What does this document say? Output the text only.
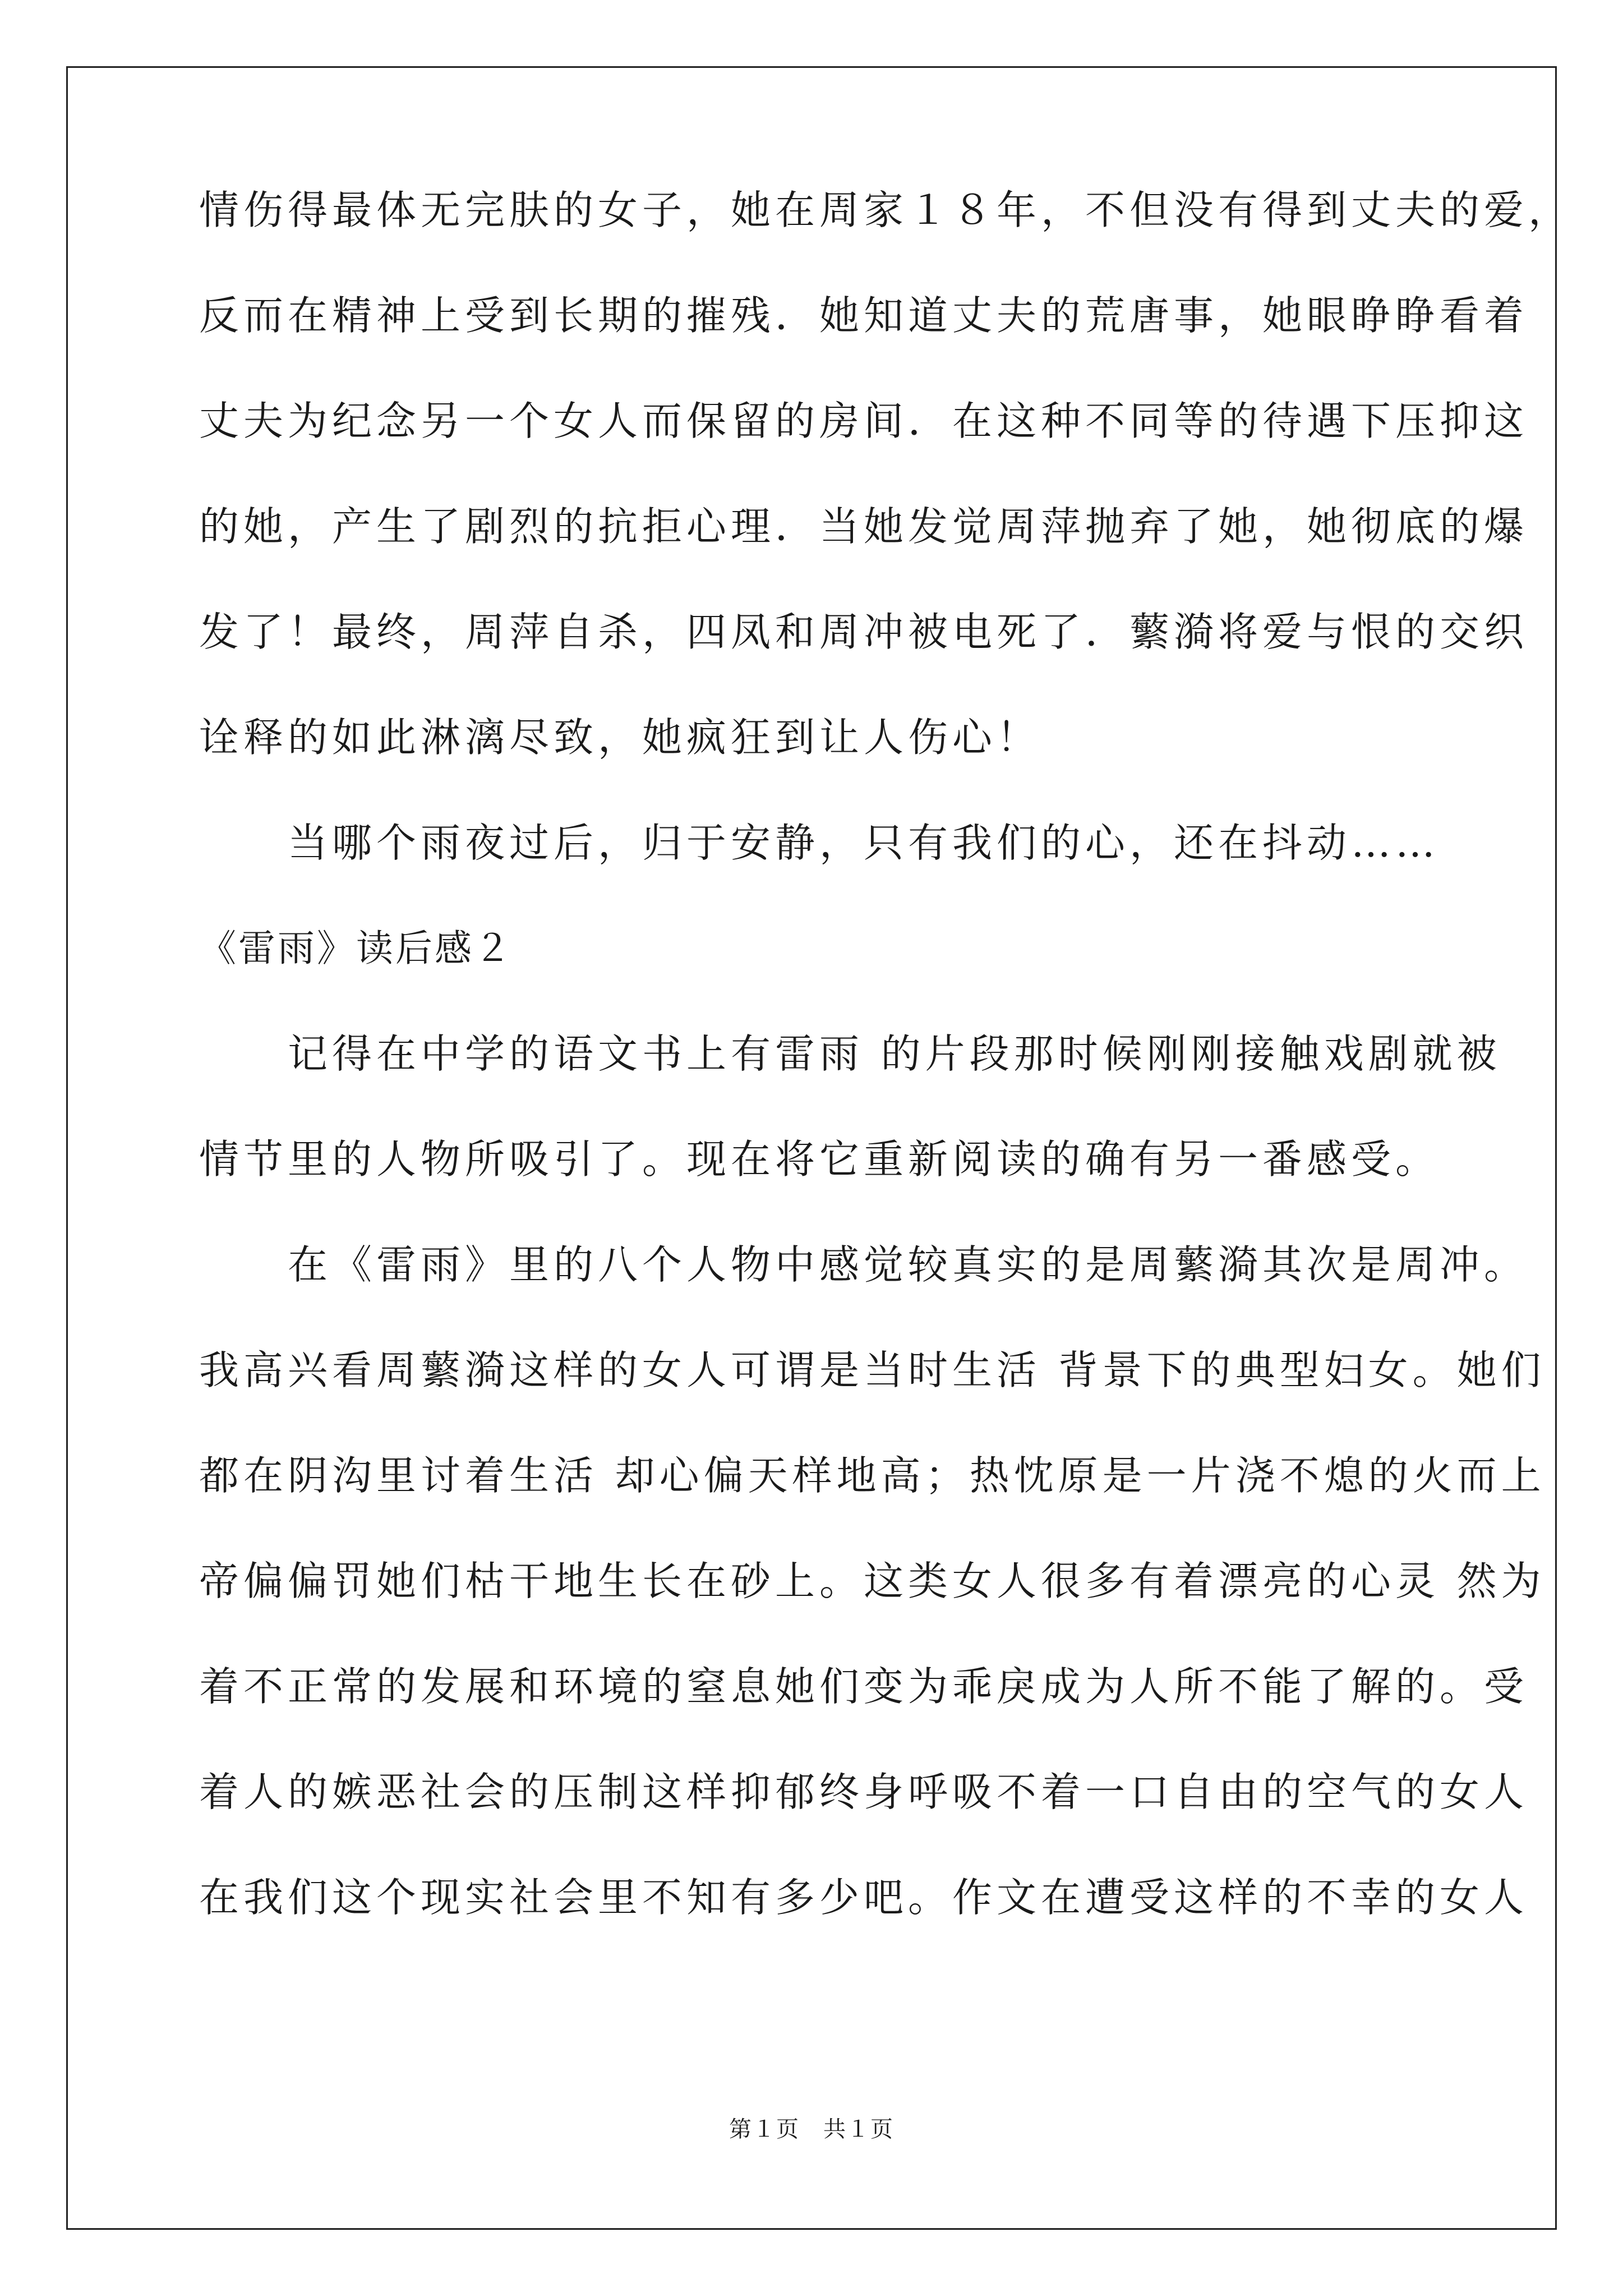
情伤得最体无完肤的女子，她在周家１８年，不但没有得到丈夫的爱，
反而在精神上受到长期的摧残．她知道丈夫的荒唐事，她眼睁睁看着
丈夫为纪念另一个女人而保留的房间．在这种不同等的待遇下压抑这
的她，产生了剧烈的抗拒心理．当她发觉周萍抛弃了她，她彻底的爆
发了！最终，周萍自杀，四凤和周冲被电死了．蘩漪将爱与恨的交织
诠释的如此淋漓尽致，她疯狂到让人伤心！
　　当哪个雨夜过后，归于安静，只有我们的心，还在抖动……
《雷雨》读后感２
　　记得在中学的语文书上有雷雨 的片段那时候刚刚接触戏剧就被
情节里的人物所吸引了。现在将它重新阅读的确有另一番感受。
　　在《雷雨》里的八个人物中感觉较真实的是周蘩漪其次是周冲。
我高兴看周蘩漪这样的女人可谓是当时生活 背景下的典型妇女。她们
都在阴沟里讨着生活 却心偏天样地高；热忱原是一片浇不熄的火而上
帝偏偏罚她们枯干地生长在砂上。这类女人很多有着漂亮的心灵 然为
着不正常的发展和环境的窒息她们变为乖戾成为人所不能了解的。受
着人的嫉恶社会的压制这样抑郁终身呼吸不着一口自由的空气的女人
在我们这个现实社会里不知有多少吧。作文在遭受这样的不幸的女人
第１页　共１页
